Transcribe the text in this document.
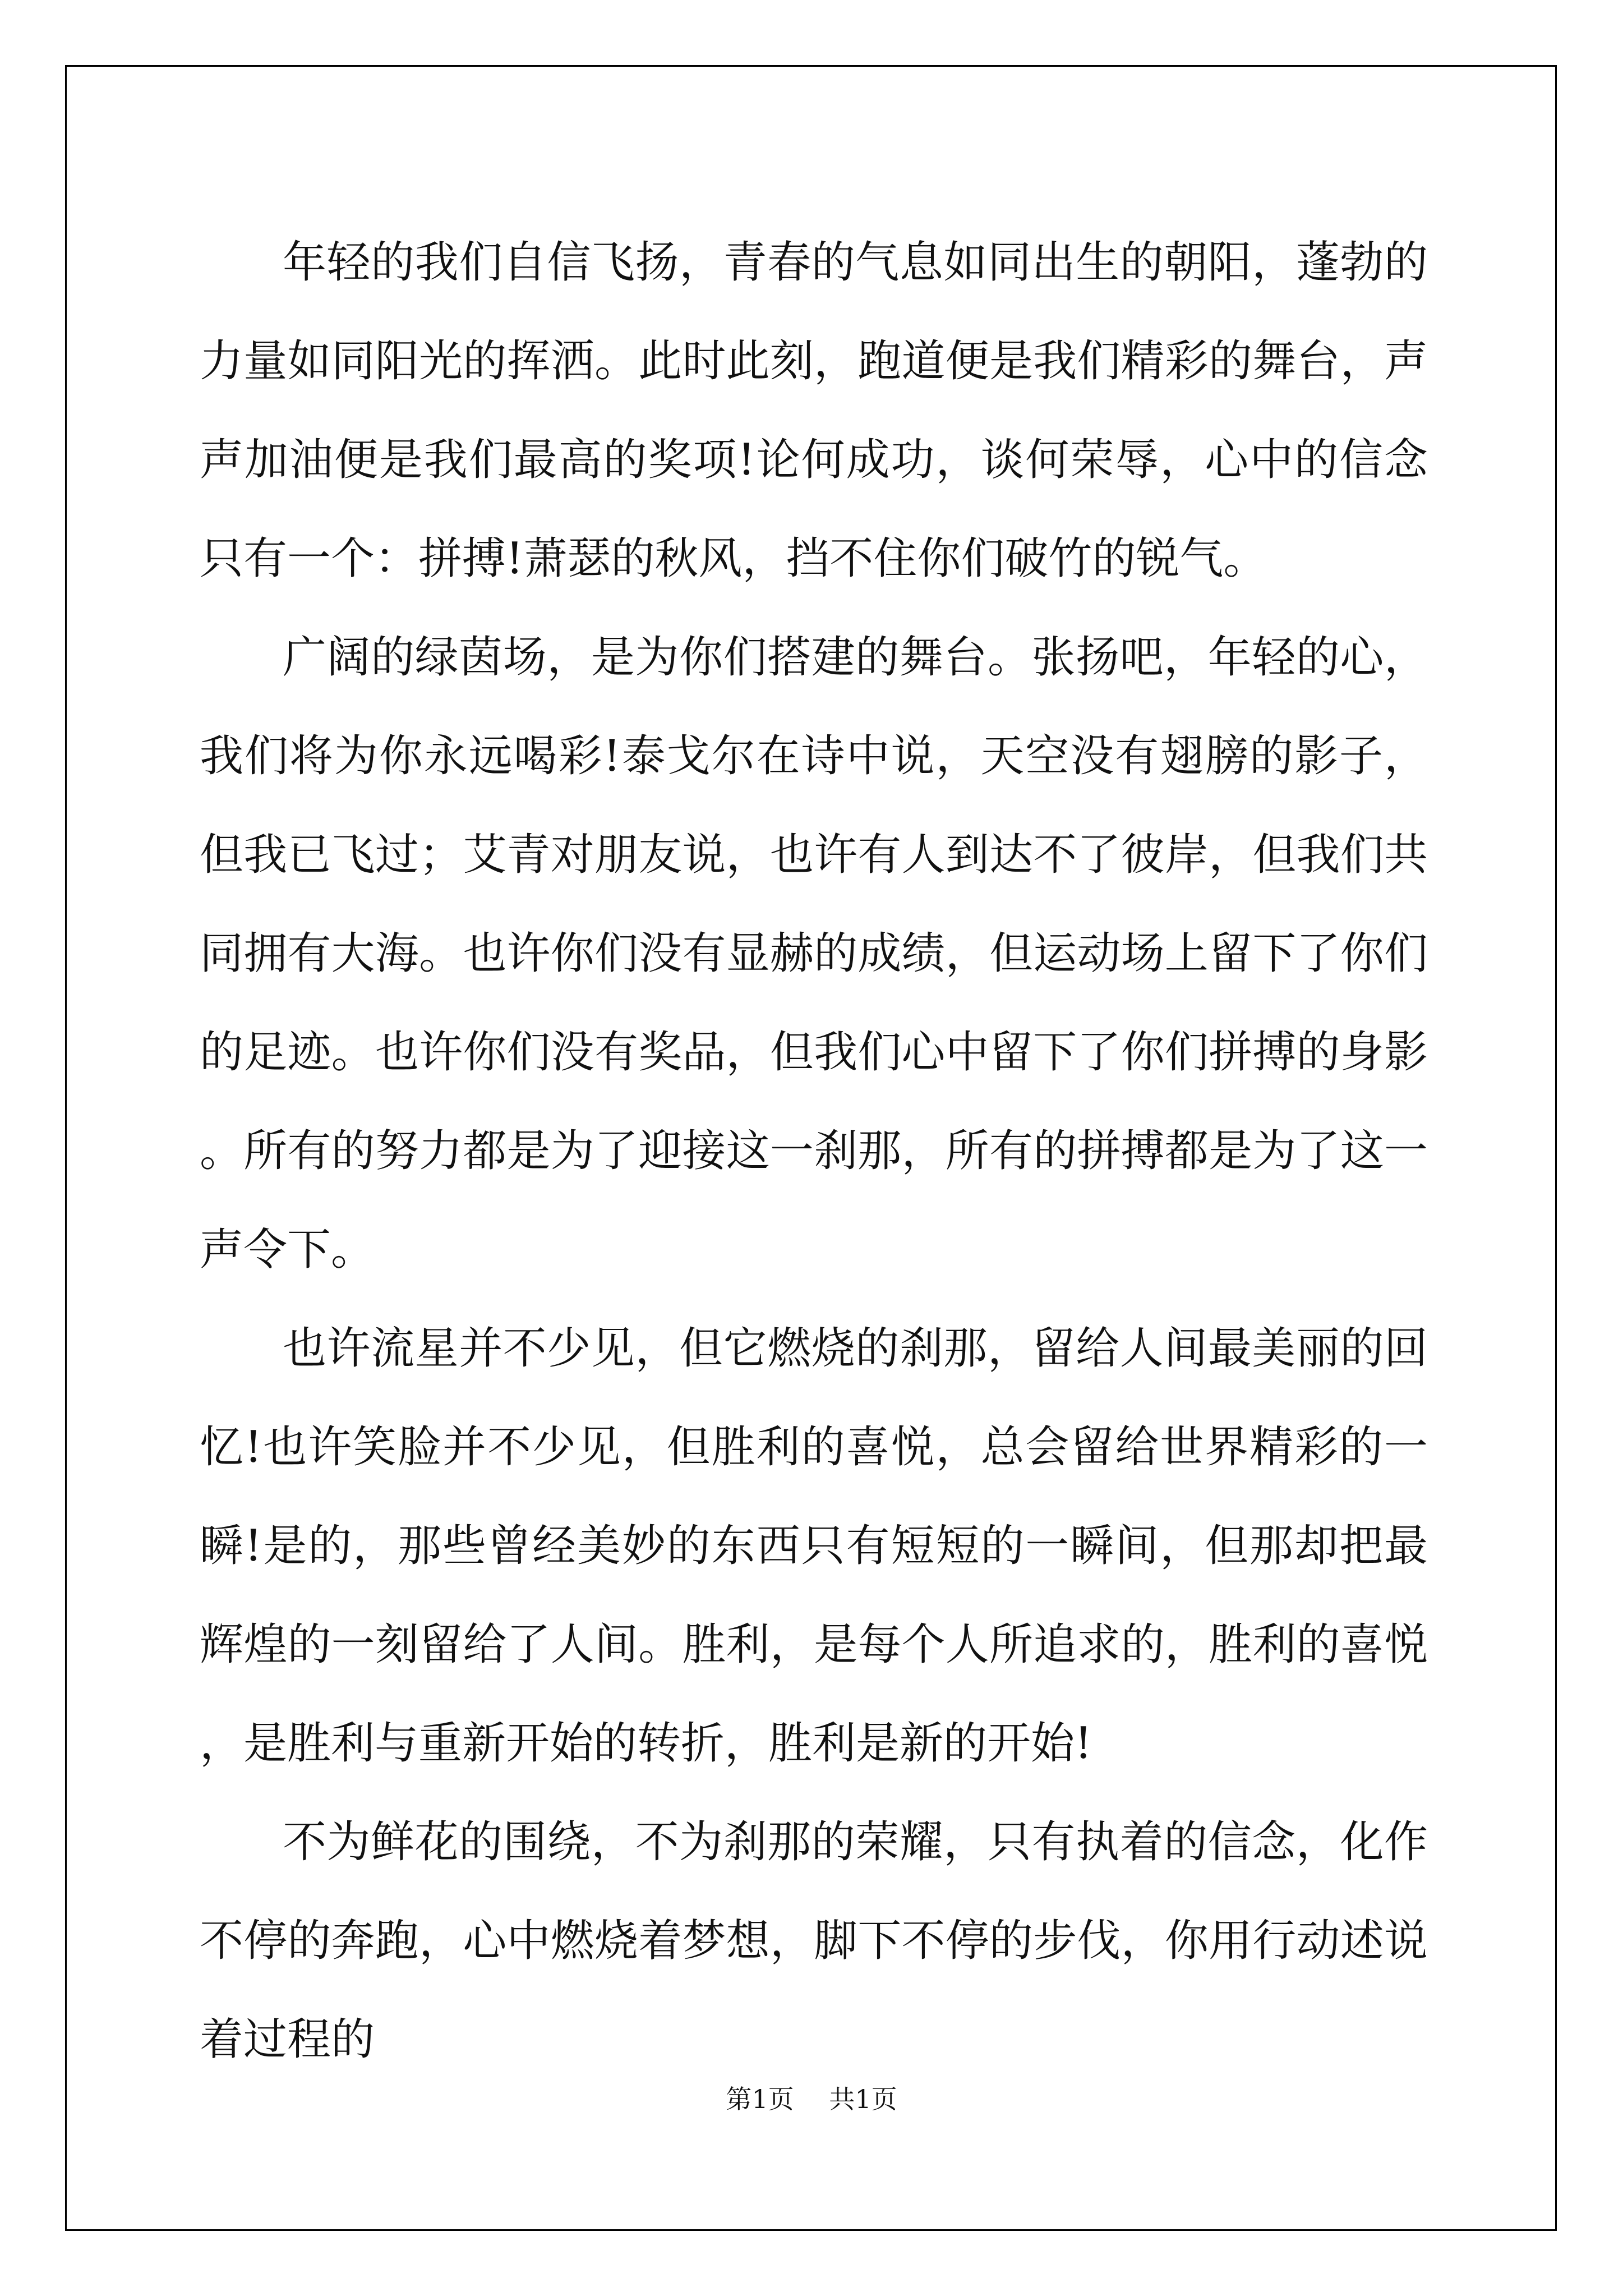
年轻的我们自信飞扬，青春的气息如同出生的朝阳，蓬勃的力量如同阳光的挥洒。此时此刻，跑道便是我们精彩的舞台，声声加油便是我们最高的奖项!论何成功，谈何荣辱，心中的信念只有一个：拼搏!萧瑟的秋风，挡不住你们破竹的锐气。

广阔的绿茵场，是为你们搭建的舞台。张扬吧，年轻的心，我们将为你永远喝彩!泰戈尔在诗中说，天空没有翅膀的影子，但我已飞过；艾青对朋友说，也许有人到达不了彼岸，但我们共同拥有大海。也许你们没有显赫的成绩，但运动场上留下了你们的足迹。也许你们没有奖品，但我们心中留下了你们拼搏的身影。所有的努力都是为了迎接这一刹那，所有的拼搏都是为了这一声令下。

也许流星并不少见，但它燃烧的刹那，留给人间最美丽的回忆!也许笑脸并不少见，但胜利的喜悦，总会留给世界精彩的一瞬!是的，那些曾经美妙的东西只有短短的一瞬间，但那却把最辉煌的一刻留给了人间。胜利，是每个人所追求的，胜利的喜悦，是胜利与重新开始的转折，胜利是新的开始!

不为鲜花的围绕，不为刹那的荣耀，只有执着的信念，化作不停的奔跑，心中燃烧着梦想，脚下不停的步伐，你用行动述说着过程的

第1页 共1页
